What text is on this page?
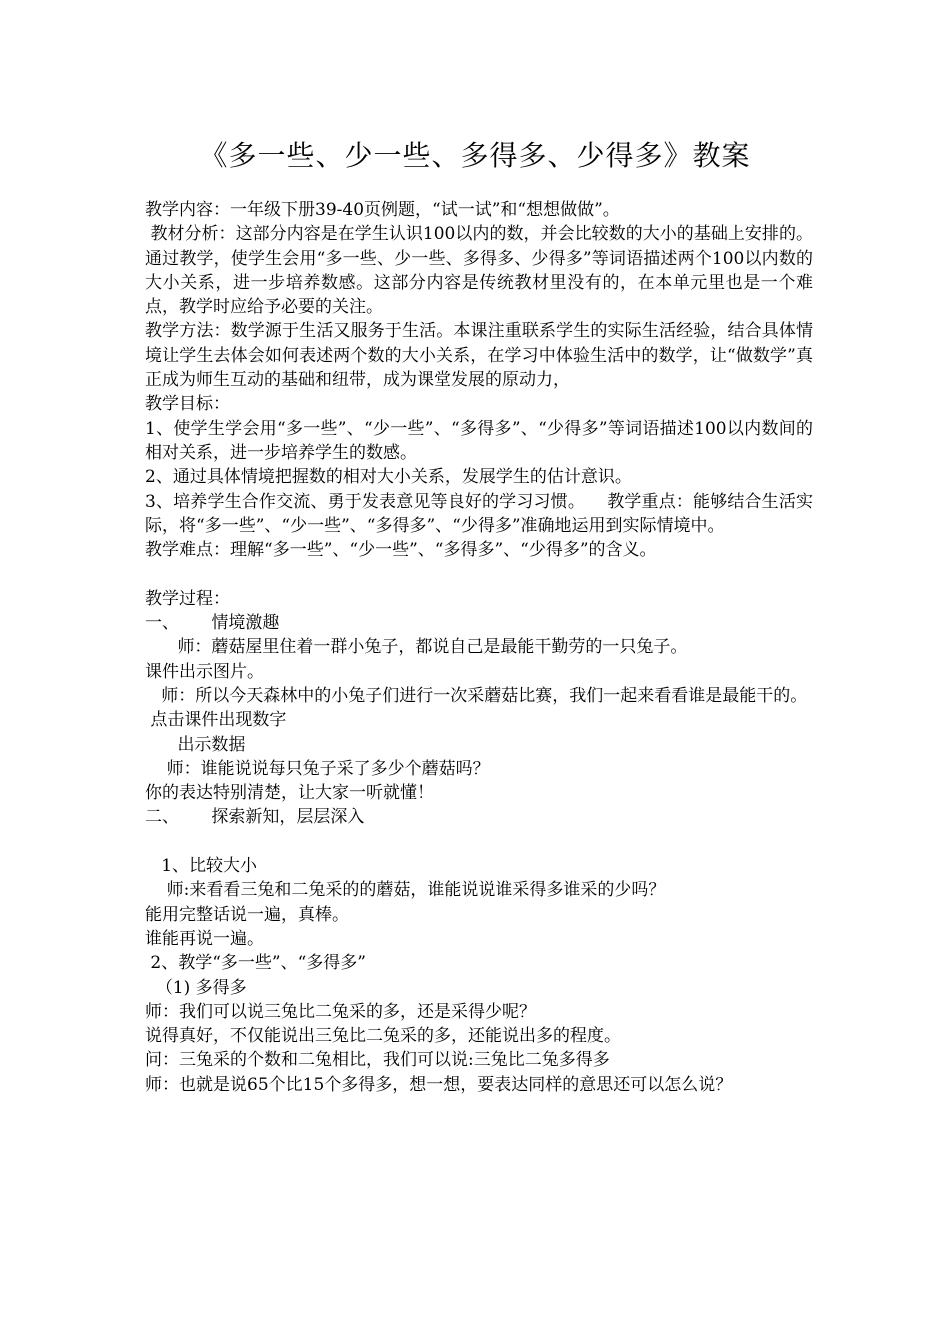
《多一些、少一些、多得多、少得多》教案

教学内容：一年级下册39-40页例题，“试一试”和“想想做做”。

教材分析：这部分内容是在学生认识100以内的数，并会比较数的大小的基础上安排的。通过教学，使学生会用“多一些、少一些、多得多、少得多”等词语描述两个100以内数的大小关系，进一步培养数感。这部分内容是传统教材里没有的，在本单元里也是一个难点，教学时应给予必要的关注。

教学方法：数学源于生活又服务于生活。本课注重联系学生的实际生活经验，结合具体情境让学生去体会如何表述两个数的大小关系，在学习中体验生活中的数学，让“做数学”真正成为师生互动的基础和纽带，成为课堂发展的原动力，

教学目标：

1、使学生学会用“多一些”、“少一些”、“多得多”、“少得多”等词语描述100以内数间的相对关系，进一步培养学生的数感。

2、通过具体情境把握数的相对大小关系，发展学生的估计意识。

3、培养学生合作交流、勇于发表意见等良好的学习习惯。    教学重点：能够结合生活实际，将“多一些”、“少一些”、“多得多”、“少得多”准确地运用到实际情境中。

教学难点：理解“多一些”、“少一些”、“多得多”、“少得多”的含义。

教学过程：

一、      情境激趣

师：蘑菇屋里住着一群小兔子，都说自己是最能干勤劳的一只兔子。

课件出示图片。

师：所以今天森林中的小兔子们进行一次采蘑菇比赛，我们一起来看看谁是最能干的。

点击课件出现数字

出示数据

师：谁能说说每只兔子采了多少个蘑菇吗？

你的表达特别清楚，让大家一听就懂！

二、      探索新知，层层深入

1、比较大小

师:来看看三兔和二兔采的的蘑菇，谁能说说谁采得多谁采的少吗？

能用完整话说一遍，真棒。

谁能再说一遍。

2、教学“多一些”、“多得多”

（1) 多得多

师：我们可以说三兔比二兔采的多，还是采得少呢？

说得真好，不仅能说出三兔比二兔采的多，还能说出多的程度。

问：三兔采的个数和二兔相比，我们可以说:三兔比二兔多得多

师：也就是说65个比15个多得多，想一想，要表达同样的意思还可以怎么说？
